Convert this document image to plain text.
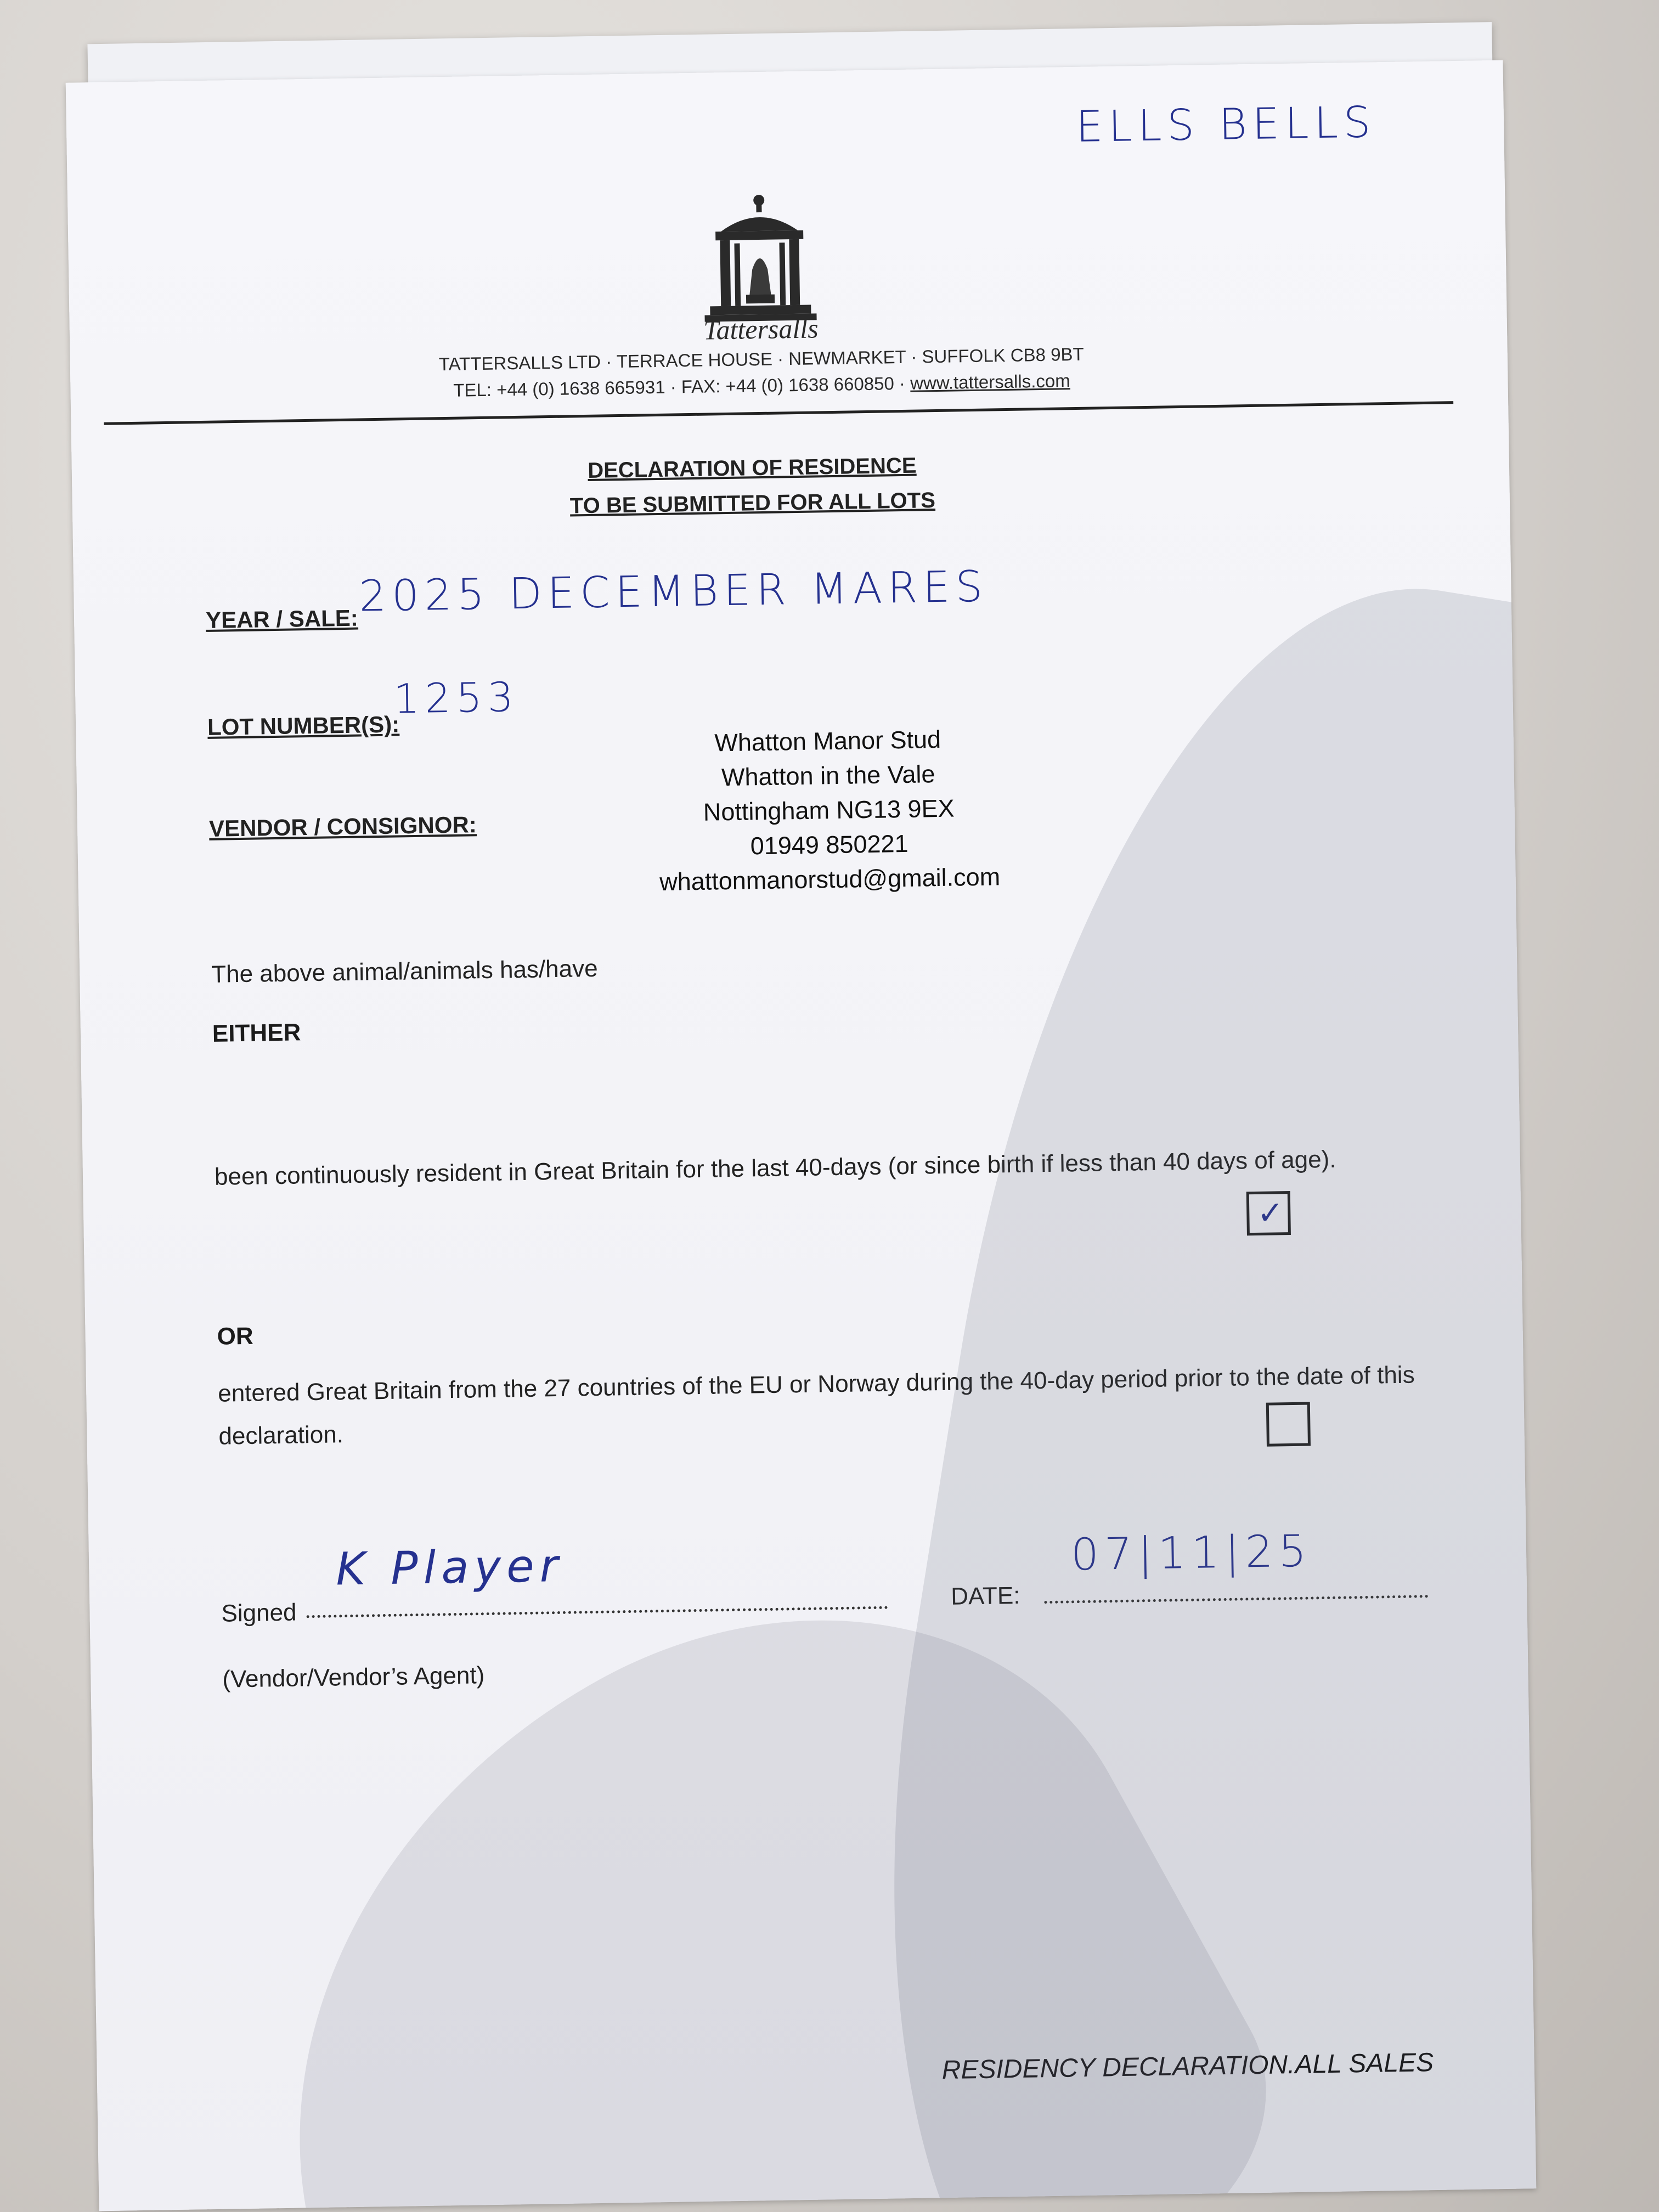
ELLS BELLS
Tattersalls
TATTERSALLS LTD · TERRACE HOUSE · NEWMARKET · SUFFOLK CB8 9BT
TEL: +44 (0) 1638 665931 · FAX: +44 (0) 1638 660850 · www.tattersalls.com
DECLARATION OF RESIDENCE
TO BE SUBMITTED FOR ALL LOTS
YEAR / SALE: 2025 DECEMBER MARES
LOT NUMBER(S):
1253
VENDOR / CONSIGNOR:
Whatton Manor Stud
Whatton in the Vale
Nottingham NG13 9EX
01949 850221
whattonmanorstud@gmail.com
The above animal/animals has/have
EITHER
been continuously resident in Great Britain for the last 40-days (or since birth if less than 40 days of age).
✓
OR
entered Great Britain from the 27 countries of the EU or Norway during the 40-day period prior to the date of this declaration.
Signed
K Player
DATE:
07|11|25
(Vendor/Vendor’s Agent)
RESIDENCY DECLARATION.ALL SALES
